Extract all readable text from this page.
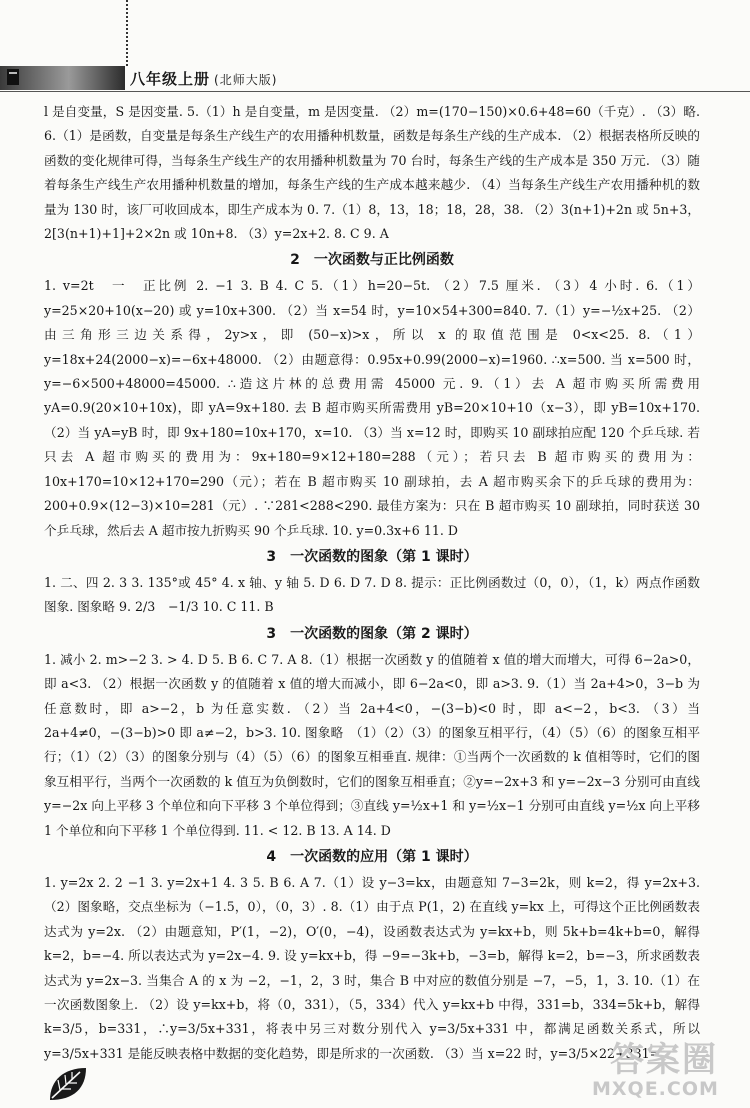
八年级上册 (北师大版)

l 是自变量，S 是因变量. 5.（1）h 是自变量，m 是因变量. （2）m=(170−150)×0.6+48=60（千克）. （3）略. 6.（1）是函数，自变量是每条生产线生产的农用播种机数量，函数是每条生产线的生产成本. （2）根据表格所反映的函数的变化规律可得，当每条生产线生产的农用播种机数量为 70 台时，每条生产线的生产成本是 350 万元. （3）随着每条生产线生产农用播种机数量的增加，每条生产线的生产成本越来越少. （4）当每条生产线生产农用播种机的数量为 130 时，该厂可收回成本，即生产成本为 0. 7.（1）8，13，18；18，28，38. （2）3(n+1)+2n 或 5n+3，2[3(n+1)+1]+2×2n 或 10n+8. （3）y=2x+2. 8. C 9. A

2　一次函数与正比例函数

1. v=2t　一　正比例 2. −1 3. B 4. C 5.（1）h=20−5t. （2）7.5 厘米. （3）4 小时. 6.（1）y=25×20+10(x−20) 或 y=10x+300. （2）当 x=54 时，y=10×54+300=840. 7.（1）y=−½x+25. （2）由三角形三边关系得，2y>x，即 (50−x)>x，所以 x 的取值范围是 0<x<25. 8.（1）y=18x+24(2000−x)=−6x+48000. （2）由题意得：0.95x+0.99(2000−x)=1960. ∴x=500. 当 x=500 时，y=−6×500+48000=45000. ∴造这片林的总费用需 45000 元. 9.（1）去 A 超市购买所需费用 yA=0.9(20×10+10x)，即 yA=9x+180. 去 B 超市购买所需费用 yB=20×10+10（x−3），即 yB=10x+170. （2）当 yA=yB 时，即 9x+180=10x+170，x=10. （3）当 x=12 时，即购买 10 副球拍应配 120 个乒乓球. 若只去 A 超市购买的费用为：9x+180=9×12+180=288（元）；若只去 B 超市购买的费用为：10x+170=10×12+170=290（元）；若在 B 超市购买 10 副球拍，去 A 超市购买余下的乒乓球的费用为：200+0.9×(12−3)×10=281（元）. ∵281<288<290. 最佳方案为：只在 B 超市购买 10 副球拍，同时获送 30 个乒乓球，然后去 A 超市按九折购买 90 个乒乓球. 10. y=0.3x+6 11. D

3　一次函数的图象（第 1 课时）

1. 二、四 2. 3 3. 135°或 45° 4. x 轴、y 轴 5. D 6. D 7. D 8. 提示：正比例函数过（0，0），（1，k）两点作函数图象. 图象略 9. 2/3　−1/3 10. C 11. B

3　一次函数的图象（第 2 课时）

1. 减小 2. m>−2 3. > 4. D 5. B 6. C 7. A 8.（1）根据一次函数 y 的值随着 x 值的增大而增大，可得 6−2a>0，即 a<3. （2）根据一次函数 y 的值随着 x 值的增大而减小，即 6−2a<0，即 a>3. 9.（1）当 2a+4>0，3−b 为任意数时，即 a>−2，b 为任意实数. （2）当 2a+4<0，−(3−b)<0 时，即 a<−2，b<3. （3）当 2a+4≠0，−(3−b)>0 即 a≠−2，b>3. 10. 图象略　（1）（2）（3）的图象互相平行，（4）（5）（6）的图象互相平行；（1）（2）（3）的图象分别与（4）（5）（6）的图象互相垂直. 规律：①当两个一次函数的 k 值相等时，它们的图象互相平行，当两个一次函数的 k 值互为负倒数时，它们的图象互相垂直；②y=−2x+3 和 y=−2x−3 分别可由直线 y=−2x 向上平移 3 个单位和向下平移 3 个单位得到；③直线 y=½x+1 和 y=½x−1 分别可由直线 y=½x 向上平移 1 个单位和向下平移 1 个单位得到. 11. < 12. B 13. A 14. D

4　一次函数的应用（第 1 课时）

1. y=2x 2. 2 −1 3. y=2x+1 4. 3 5. B 6. A 7.（1）设 y−3=kx，由题意知 7−3=2k，则 k=2，得 y=2x+3. （2）图象略，交点坐标为（−1.5，0），（0，3）. 8.（1）由于点 P(1，2) 在直线 y=kx 上，可得这个正比例函数表达式为 y=2x. （2）由题意知，P′(1，−2)，O′(0，−4)，设函数表达式为 y=kx+b，则 5k+b=4k+b=0，解得 k=2，b=−4. 所以表达式为 y=2x−4. 9. 设 y=kx+b，得 −9=−3k+b，−3=b，解得 k=2，b=−3，所求函数表达式为 y=2x−3. 当集合 A 的 x 为 −2，−1，2，3 时，集合 B 中对应的数值分别是 −7，−5，1，3. 10.（1）在一次函数图象上. （2）设 y=kx+b，将（0，331），（5，334）代入 y=kx+b 中得，331=b，334=5k+b，解得 k=3/5，b=331，∴y=3/5x+331，将表中另三对数分别代入 y=3/5x+331 中，都满足函数关系式，所以 y=3/5x+331 是能反映表格中数据的变化趋势，即是所求的一次函数. （3）当 x=22 时，y=3/5×22+331=

答案圈
MXQE.COM
